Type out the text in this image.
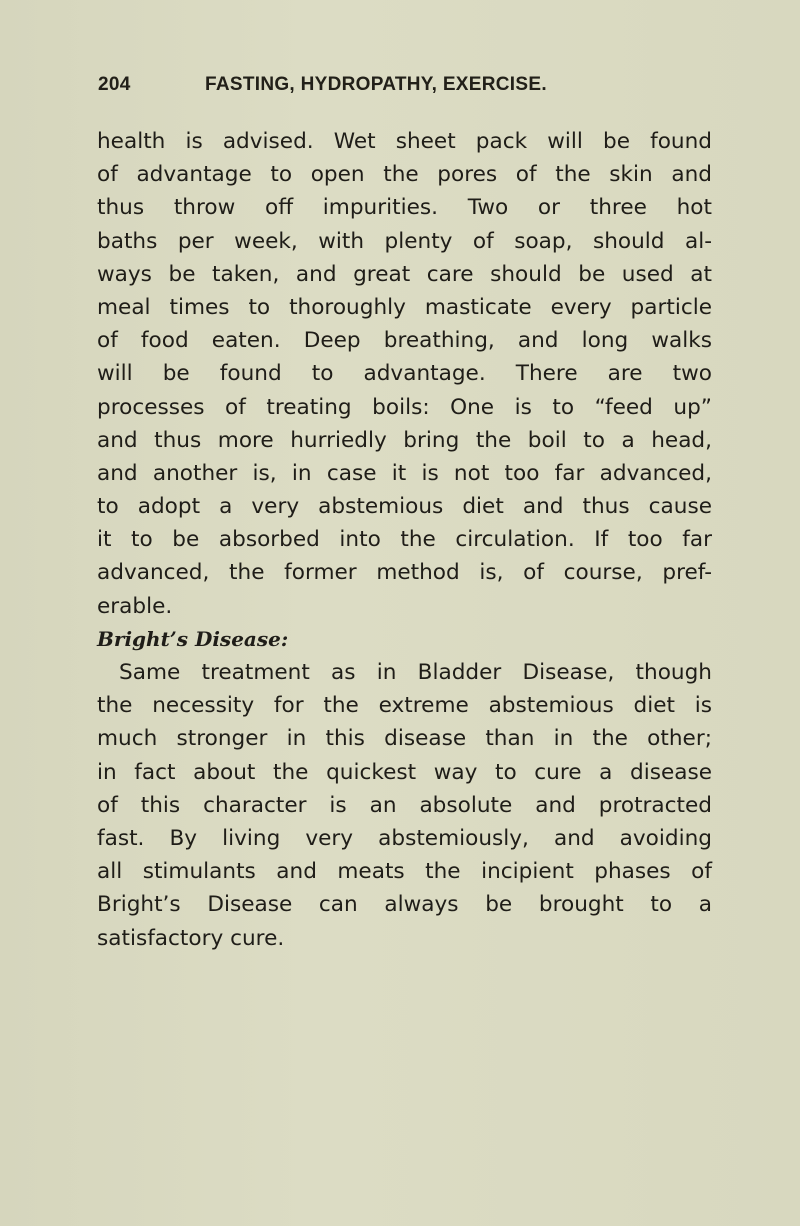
204	FASTING, HYDROPATHY, EXERCISE.
health is advised. Wet sheet pack will be found
of advantage to open the pores of the skin and
thus throw off impurities. Two or three hot
baths per week, with plenty of soap, should al-
ways be taken, and great care should be used at
meal times to thoroughly masticate every particle
of food eaten. Deep breathing, and long walks
will be found to advantage. There are two
processes of treating boils: One is to “feed up”
and thus more hurriedly bring the boil to a head,
and another is, in case it is not too far advanced,
to adopt a very abstemious diet and thus cause
it to be absorbed into the circulation. If too far
advanced, the former method is, of course, pref-
erable.
Bright’s Disease:
Same treatment as in Bladder Disease, though
the necessity for the extreme abstemious diet is
much stronger in this disease than in the other;
in fact about the quickest way to cure a disease
of this character is an absolute and protracted
fast. By living very abstemiously, and avoiding
all stimulants and meats the incipient phases of
Bright’s Disease can always be brought to a
satisfactory cure.
